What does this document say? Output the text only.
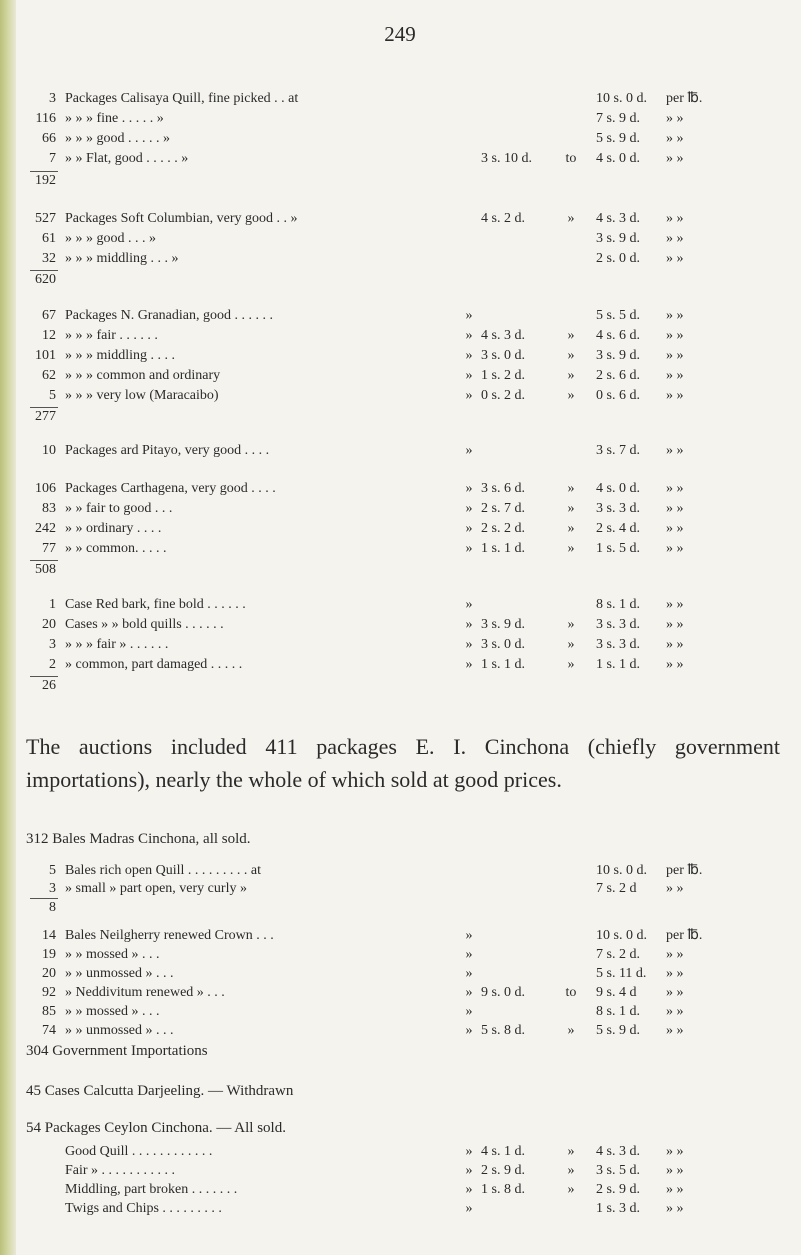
249
3 Packages Calisaya Quill, fine picked . . at	10 s. 0 d.	per ℔.
116 » » » fine . . . . . »	7 s. 9 d.	» »
66 » » » good . . . . . »	5 s. 9 d.	» »
7 » » Flat, good . . . . . »	3 s. 10 d.	to	4 s. 0 d.	» »
192
527 Packages Soft Columbian, very good . . »	4 s. 2 d.	»	4 s. 3 d.	» »
61 » » » good . . . »	3 s. 9 d.	» »
32 » » » middling . . . »	2 s. 0 d.	» »
620
67 Packages N. Granadian, good . . . . . .	»	5 s. 5 d.	» »
12 » » » fair . . . . . .	» 4 s. 3 d.	»	4 s. 6 d.	» »
101 » » » middling . . . .	» 3 s. 0 d.	»	3 s. 9 d.	» »
62 » » » common and ordinary	» 1 s. 2 d.	»	2 s. 6 d.	» »
5 » » » very low (Maracaibo)	» 0 s. 2 d.	»	0 s. 6 d.	» »
277
10 Packages ard Pitayo, very good . . . .	»	3 s. 7 d.	» »
106 Packages Carthagena, very good . . . .	» 3 s. 6 d.	»	4 s. 0 d.	» »
83 » » fair to good . . .	» 2 s. 7 d.	»	3 s. 3 d.	» »
242 » » ordinary . . . .	» 2 s. 2 d.	»	2 s. 4 d.	» »
77 » » common. . . . .	» 1 s. 1 d.	»	1 s. 5 d.	» »
508
1 Case Red bark, fine bold . . . . . .	»	8 s. 1 d.	» »
20 Cases » » bold quills . . . . . .	» 3 s. 9 d.	»	3 s. 3 d.	» »
3 » » » fair » . . . . . .	» 3 s. 0 d.	»	3 s. 3 d.	» »
2 » common, part damaged . . . . .	» 1 s. 1 d.	»	1 s. 1 d.	» »
26
5 Bales rich open Quill . . . . . . . . . at	10 s. 0 d.	per ℔.
3 » small » part open, very curly »	7 s. 2 d	» »
8
14 Bales Neilgherry renewed Crown . . .	»	10 s. 0 d.	per ℔.
19 » » mossed » . . .	»	7 s. 2 d.	» »
20 » » unmossed » . . .	»	5 s. 11 d.	» »
92 » Neddivitum renewed » . . .	» 9 s. 0 d.	to	9 s. 4 d	» »
85 » » mossed » . . .	»	8 s. 1 d.	» »
74 » » unmossed » . . .	» 5 s. 8 d.	»	5 s. 9 d.	» »
Good Quill . . . . . . . . . . . .	» 4 s. 1 d.	»	4 s. 3 d.	» »
Fair » . . . . . . . . . . .	» 2 s. 9 d.	»	3 s. 5 d.	» »
Middling, part broken . . . . . . .	» 1 s. 8 d.	»	2 s. 9 d.	» »
Twigs and Chips . . . . . . . . .	»	1 s. 3 d.	» »
45 Cases Calcutta Darjeeling. — Withdrawn
54 Packages Ceylon Cinchona. — All sold.
The auctions included 411 packages E. I. Cinchona (chiefly government importations), nearly the whole of which sold at good prices.
312 Bales Madras Cinchona, all sold.
304 Government Importations
